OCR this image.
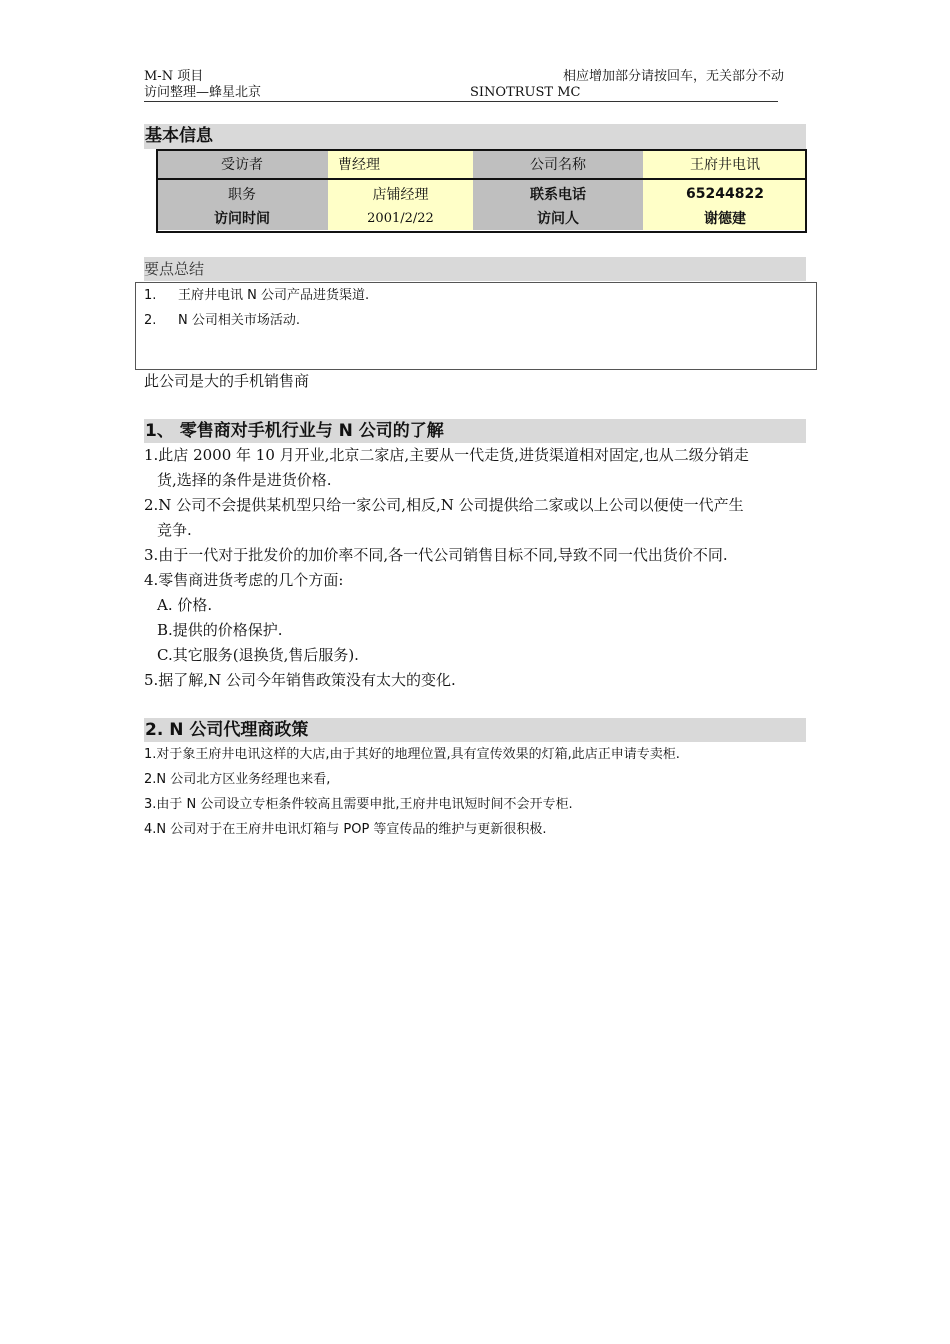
M-N 项目
访问整理—蜂星北京	SINOTRUST MC
相应增加部分请按回车，无关部分不动
基本信息
受访者	曹经理	公司名称	王府井电讯
职务	店铺经理	联系电话	65244822
访问时间	2001/2/22	访问人	谢德建
要点总结
1. 王府井电讯 N 公司产品进货渠道.
2. N 公司相关市场活动.
此公司是大的手机销售商
1、 零售商对手机行业与 N 公司的了解
1.此店 2000 年 10 月开业,北京二家店,主要从一代走货,进货渠道相对固定,也从二级分销走
货,选择的条件是进货价格.
2.N 公司不会提供某机型只给一家公司,相反,N 公司提供给二家或以上公司以便使一代产生
竞争.
3.由于一代对于批发价的加价率不同,各一代公司销售目标不同,导致不同一代出货价不同.
4.零售商进货考虑的几个方面:
A. 价格.
B.提供的价格保护.
C.其它服务(退换货,售后服务).
5.据了解,N 公司今年销售政策没有太大的变化.
2. N 公司代理商政策
1.对于象王府井电讯这样的大店,由于其好的地理位置,具有宣传效果的灯箱,此店正申请专卖柜.
2.N 公司北方区业务经理也来看,
3.由于 N 公司设立专柜条件较高且需要申批,王府井电讯短时间不会开专柜.
4.N 公司对于在王府井电讯灯箱与 POP 等宣传品的维护与更新很积极.
